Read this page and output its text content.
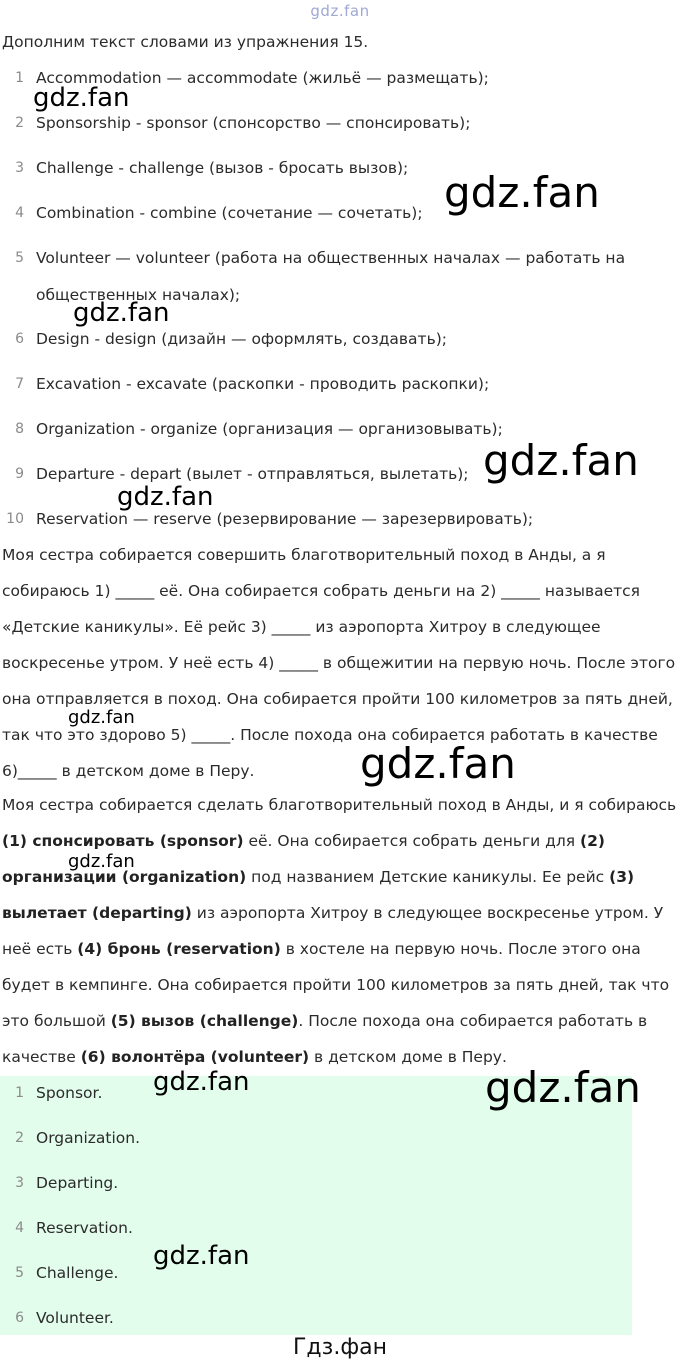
gdz.fan
Дополним текст словами из упражнения 15.
1 Accommodation — accommodate (жильё — размещать);
2 Sponsorship - sponsor (спонсорство — спонсировать);
3 Challenge - challenge (вызов - бросать вызов);
4 Combination - combine (сочетание — сочетать);
5 Volunteer — volunteer (работа на общественных началах — работать на
общественных началах);
6 Design - design (дизайн — оформлять, создавать);
7 Excavation - excavate (раскопки - проводить раскопки);
8 Organization - organize (организация — организовывать);
9 Departure - depart (вылет - отправляться, вылетать);
10 Reservation — reserve (резервирование — зарезервировать);
Моя сестра собирается совершить благотворительный поход в Анды, а я собираюсь 1) _____ её. Она собирается собрать деньги на 2) _____ называется «Детские каникулы». Её рейс 3) _____ из аэропорта Хитроу в следующее воскресенье утром. У неё есть 4) _____ в общежитии на первую ночь. После этого она отправляется в поход. Она собирается пройти 100 километров за пять дней, так что это здорово 5) _____. После похода она собирается работать в качестве 6)_____ в детском доме в Перу.
Моя сестра собирается сделать благотворительный поход в Анды, и я собираюсь (1) спонсировать (sponsor) её. Она собирается собрать деньги для (2) организации (organization) под названием Детские каникулы. Ее рейс (3) вылетает (departing) из аэропорта Хитроу в следующее воскресенье утром. У неё есть (4) бронь (reservation) в хостеле на первую ночь. После этого она будет в кемпинге. Она собирается пройти 100 километров за пять дней, так что это большой (5) вызов (challenge). После похода она собирается работать в качестве (6) волонтёра (volunteer) в детском доме в Перу.
1 Sponsor.
2 Organization.
3 Departing.
4 Reservation.
5 Challenge.
6 Volunteer.
gdz.fan
gdz.fan
gdz.fan
gdz.fan
gdz.fan
gdz.fan
gdz.fan
gdz.fan
gdz.fan	gdz.fan
gdz.fan
Гдз.фан
